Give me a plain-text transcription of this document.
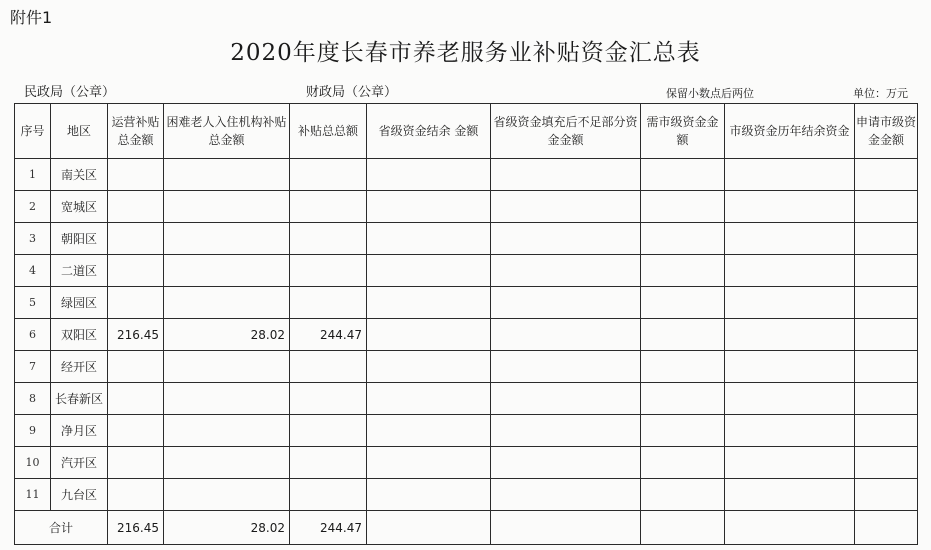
附件1
2020年度长春市养老服务业补贴资金汇总表
民政局（公章）	财政局（公章）	保留小数点后两位	单位：万元
序号	地区	运营补贴总金额	困难老人入住机构补贴总金额	补贴总总额	省级资金结余 金额	省级资金填充后不足部分资金金额	需市级资金金额	市级资金历年结余资金	申请市级资金金额
1	南关区								
2	宽城区								
3	朝阳区								
4	二道区								
5	绿园区								
6	双阳区	216.45	28.02	244.47					
7	经开区								
8	长春新区								
9	净月区								
10	汽开区								
11	九台区								
合计		216.45	28.02	244.47					
